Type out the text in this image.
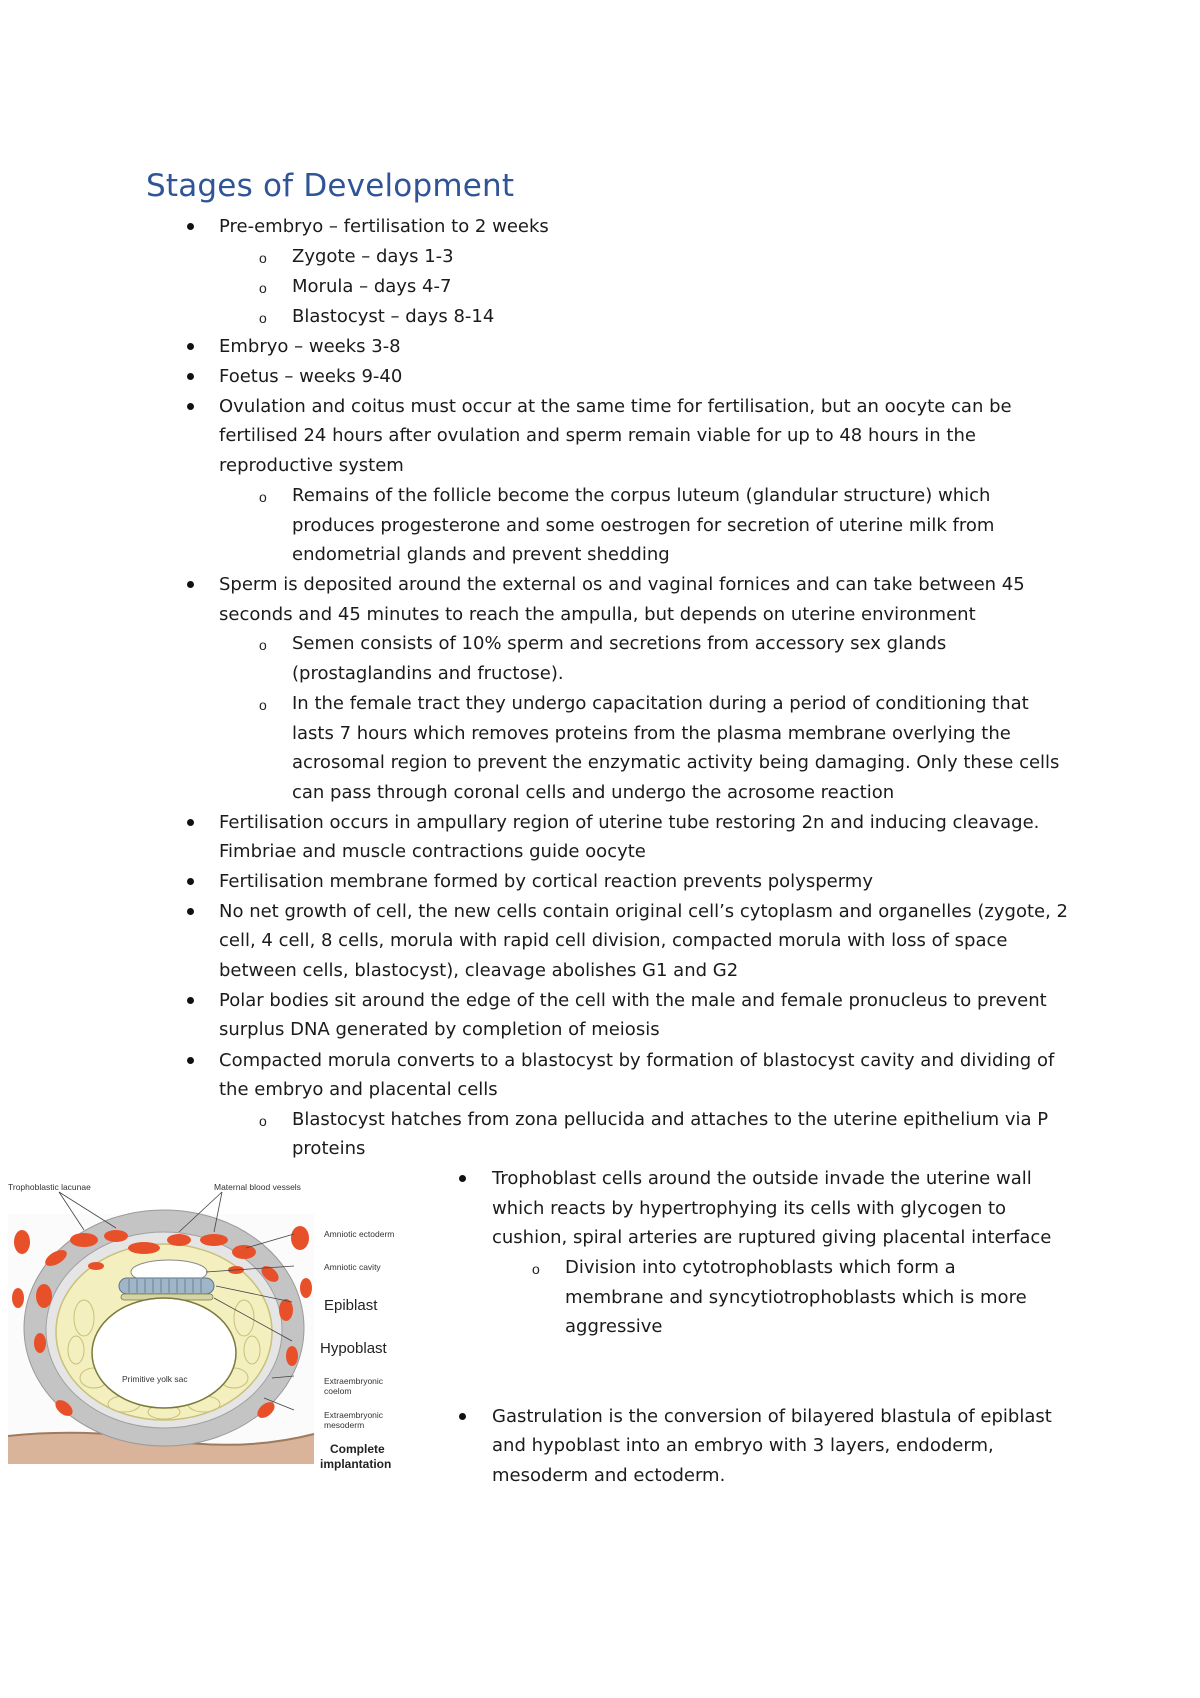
Stages of Development
Pre-embryo – fertilisation to 2 weeks
o Zygote – days 1-3
o Morula – days 4-7
o Blastocyst – days 8-14
Embryo – weeks 3-8
Foetus – weeks 9-40
Ovulation and coitus must occur at the same time for fertilisation, but an oocyte can be
fertilised 24 hours after ovulation and sperm remain viable for up to 48 hours in the
reproductive system
o Remains of the follicle become the corpus luteum (glandular structure) which
produces progesterone and some oestrogen for secretion of uterine milk from
endometrial glands and prevent shedding
Sperm is deposited around the external os and vaginal fornices and can take between 45
seconds and 45 minutes to reach the ampulla, but depends on uterine environment
o Semen consists of 10% sperm and secretions from accessory sex glands
(prostaglandins and fructose).
o In the female tract they undergo capacitation during a period of conditioning that
lasts 7 hours which removes proteins from the plasma membrane overlying the
acrosomal region to prevent the enzymatic activity being damaging. Only these cells
can pass through coronal cells and undergo the acrosome reaction
Fertilisation occurs in ampullary region of uterine tube restoring 2n and inducing cleavage.
Fimbriae and muscle contractions guide oocyte
Fertilisation membrane formed by cortical reaction prevents polyspermy
No net growth of cell, the new cells contain original cell’s cytoplasm and organelles (zygote, 2
cell, 4 cell, 8 cells, morula with rapid cell division, compacted morula with loss of space
between cells, blastocyst), cleavage abolishes G1 and G2
Polar bodies sit around the edge of the cell with the male and female pronucleus to prevent
surplus DNA generated by completion of meiosis
Compacted morula converts to a blastocyst by formation of blastocyst cavity and dividing of
the embryo and placental cells
o Blastocyst hatches from zona pellucida and attaches to the uterine epithelium via P
proteins
Trophoblast cells around the outside invade the uterine wall
which reacts by hypertrophying its cells with glycogen to
cushion, spiral arteries are ruptured giving placental interface
o Division into cytotrophoblasts which form a
membrane and syncytiotrophoblasts which is more
aggressive
Gastrulation is the conversion of bilayered blastula of epiblast
and hypoblast into an embryo with 3 layers, endoderm,
mesoderm and ectoderm.
Trophoblastic lacunae	Maternal blood vessels
Amniotic ectoderm
Amniotic cavity
Epiblast
Hypoblast
Primitive yolk sac	Extraembryonic
coelom
Extraembryonic
mesoderm
Complete
implantation
